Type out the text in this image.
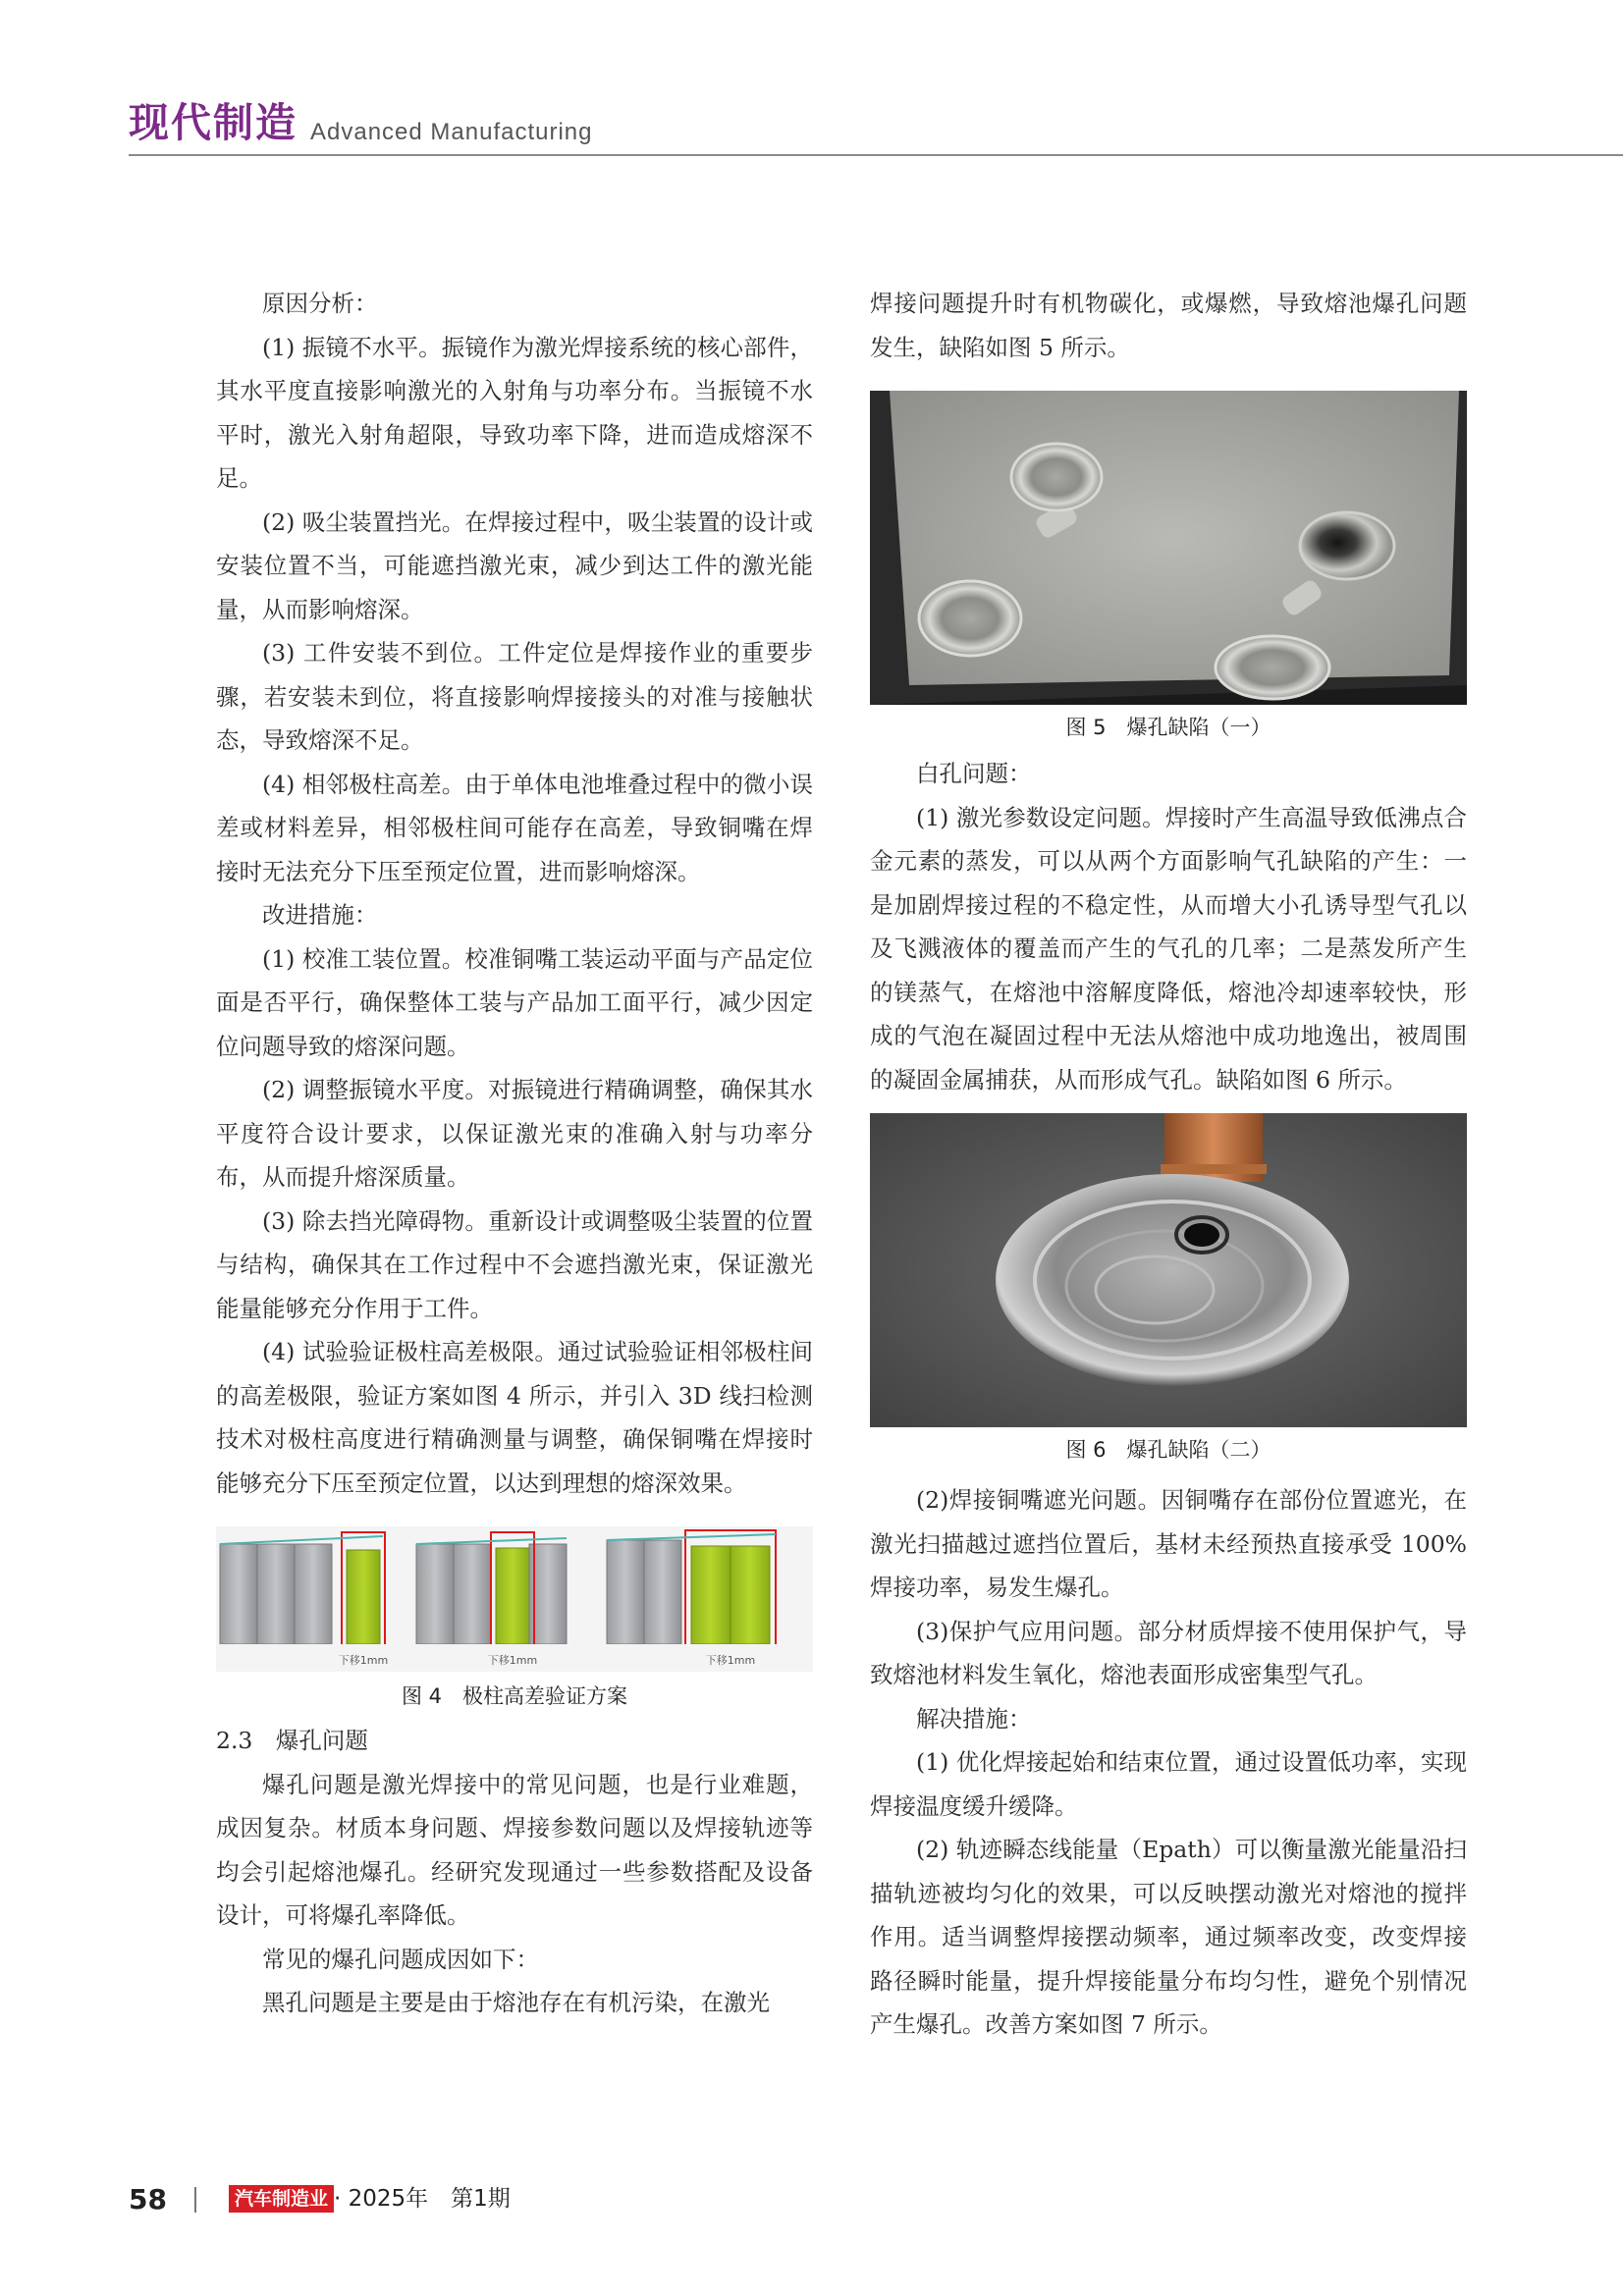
现代制造 Advanced Manufacturing

原因分析：

(1) 振镜不水平。振镜作为激光焊接系统的核心部件，其水平度直接影响激光的入射角与功率分布。当振镜不水平时，激光入射角超限，导致功率下降，进而造成熔深不足。

(2) 吸尘装置挡光。在焊接过程中，吸尘装置的设计或安装位置不当，可能遮挡激光束，减少到达工件的激光能量，从而影响熔深。

(3) 工件安装不到位。工件定位是焊接作业的重要步骤，若安装未到位，将直接影响焊接接头的对准与接触状态，导致熔深不足。

(4) 相邻极柱高差。由于单体电池堆叠过程中的微小误差或材料差异，相邻极柱间可能存在高差，导致铜嘴在焊接时无法充分下压至预定位置，进而影响熔深。

改进措施：

(1) 校准工装位置。校准铜嘴工装运动平面与产品定位面是否平行，确保整体工装与产品加工面平行，减少因定位问题导致的熔深问题。

(2) 调整振镜水平度。对振镜进行精确调整，确保其水平度符合设计要求，以保证激光束的准确入射与功率分布，从而提升熔深质量。

(3) 除去挡光障碍物。重新设计或调整吸尘装置的位置与结构，确保其在工作过程中不会遮挡激光束，保证激光能量能够充分作用于工件。

(4) 试验验证极柱高差极限。通过试验验证相邻极柱间的高差极限，验证方案如图 4 所示，并引入 3D 线扫检测技术对极柱高度进行精确测量与调整，确保铜嘴在焊接时能够充分下压至预定位置，以达到理想的熔深效果。

下移1mm	下移1mm	下移1mm

图 4　极柱高差验证方案

2.3　爆孔问题

爆孔问题是激光焊接中的常见问题，也是行业难题，成因复杂。材质本身问题、焊接参数问题以及焊接轨迹等均会引起熔池爆孔。经研究发现通过一些参数搭配及设备设计，可将爆孔率降低。

常见的爆孔问题成因如下：

黑孔问题是主要是由于熔池存在有机污染，在激光

焊接问题提升时有机物碳化，或爆燃，导致熔池爆孔问题发生，缺陷如图 5 所示。

图 5　爆孔缺陷（一）

白孔问题：

(1) 激光参数设定问题。焊接时产生高温导致低沸点合金元素的蒸发，可以从两个方面影响气孔缺陷的产生：一是加剧焊接过程的不稳定性，从而增大小孔诱导型气孔以及飞溅液体的覆盖而产生的气孔的几率；二是蒸发所产生的镁蒸气，在熔池中溶解度降低，熔池冷却速率较快，形成的气泡在凝固过程中无法从熔池中成功地逸出，被周围的凝固金属捕获，从而形成气孔。缺陷如图 6 所示。

图 6　爆孔缺陷（二）

(2)焊接铜嘴遮光问题。因铜嘴存在部份位置遮光，在激光扫描越过遮挡位置后，基材未经预热直接承受 100% 焊接功率，易发生爆孔。

(3)保护气应用问题。部分材质焊接不使用保护气，导致熔池材料发生氧化，熔池表面形成密集型气孔。

解决措施：

(1) 优化焊接起始和结束位置，通过设置低功率，实现焊接温度缓升缓降。

(2) 轨迹瞬态线能量（Epath）可以衡量激光能量沿扫描轨迹被均匀化的效果，可以反映摆动激光对熔池的搅拌作用。适当调整焊接摆动频率，通过频率改变，改变焊接路径瞬时能量，提升焊接能量分布均匀性，避免个别情况产生爆孔。改善方案如图 7 所示。

58	汽车制造业 · 2025年　第1期
